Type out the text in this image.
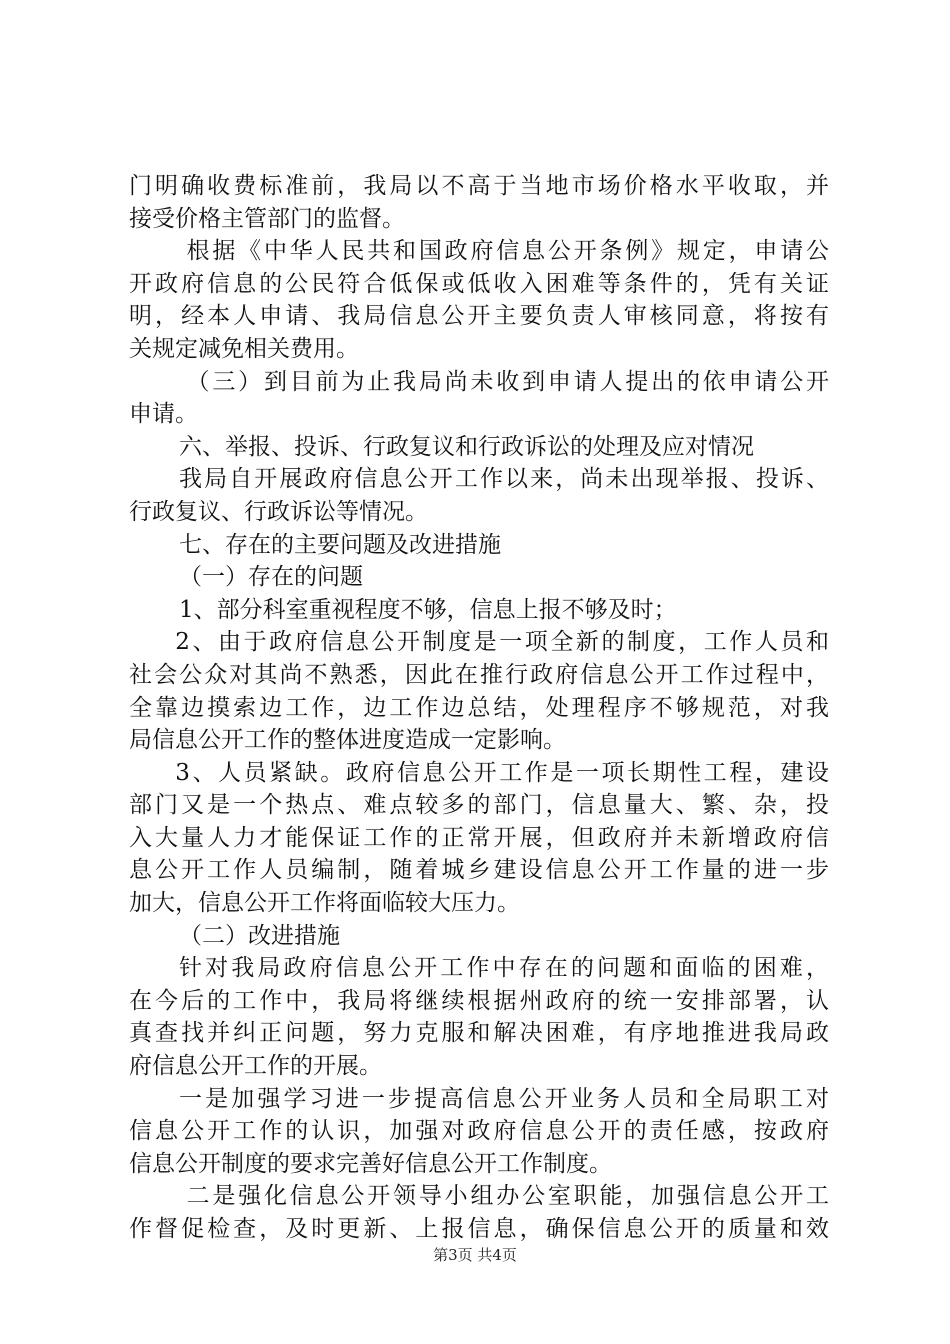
门明确收费标准前，我局以不高于当地市场价格水平收取，并
接受价格主管部门的监督。
根据《中华人民共和国政府信息公开条例》规定，申请公
开政府信息的公民符合低保或低收入困难等条件的，凭有关证
明，经本人申请、我局信息公开主要负责人审核同意，将按有
关规定减免相关费用。
（三）到目前为止我局尚未收到申请人提出的依申请公开
申请。
六、举报、投诉、行政复议和行政诉讼的处理及应对情况
我局自开展政府信息公开工作以来，尚未出现举报、投诉、
行政复议、行政诉讼等情况。
七、存在的主要问题及改进措施
（一）存在的问题
1、部分科室重视程度不够，信息上报不够及时；
2、由于政府信息公开制度是一项全新的制度，工作人员和
社会公众对其尚不熟悉，因此在推行政府信息公开工作过程中，
全靠边摸索边工作，边工作边总结，处理程序不够规范，对我
局信息公开工作的整体进度造成一定影响。
3、人员紧缺。政府信息公开工作是一项长期性工程，建设
部门又是一个热点、难点较多的部门，信息量大、繁、杂，投
入大量人力才能保证工作的正常开展，但政府并未新增政府信
息公开工作人员编制，随着城乡建设信息公开工作量的进一步
加大，信息公开工作将面临较大压力。
（二）改进措施
针对我局政府信息公开工作中存在的问题和面临的困难，
在今后的工作中，我局将继续根据州政府的统一安排部署，认
真查找并纠正问题，努力克服和解决困难，有序地推进我局政
府信息公开工作的开展。
一是加强学习进一步提高信息公开业务人员和全局职工对
信息公开工作的认识，加强对政府信息公开的责任感，按政府
信息公开制度的要求完善好信息公开工作制度。
二是强化信息公开领导小组办公室职能，加强信息公开工
作督促检查，及时更新、上报信息，确保信息公开的质量和效
第3页 共4页
